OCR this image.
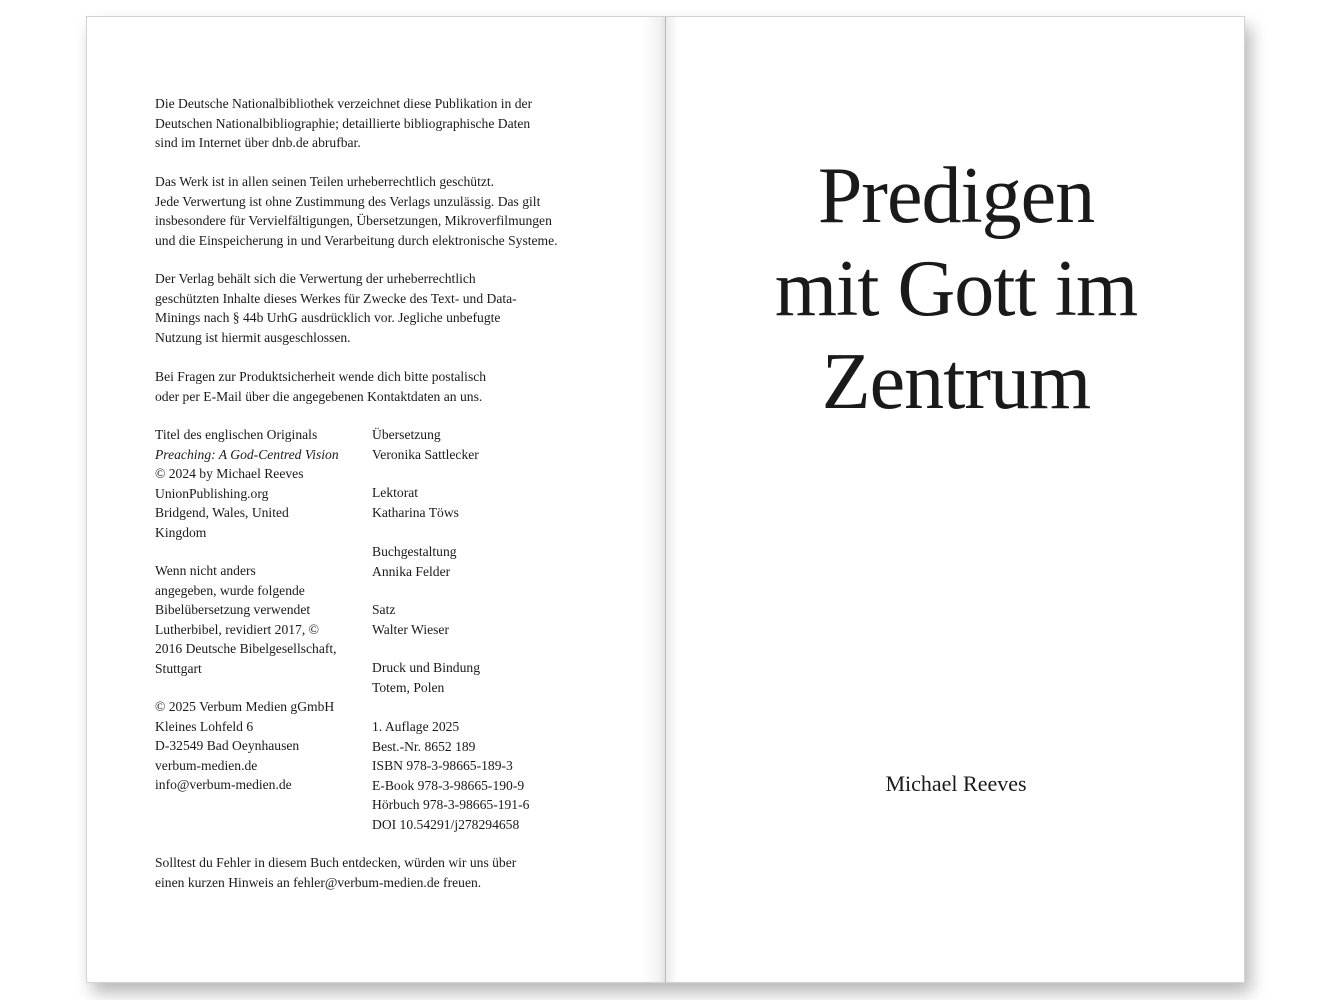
Die Deutsche Nationalbibliothek verzeichnet diese Publikation in der
Deutschen Nationalbibliographie; detaillierte bibliographische Daten
sind im Internet über dnb.de abrufbar.

Das Werk ist in allen seinen Teilen urheberrechtlich geschützt.
Jede Verwertung ist ohne Zustimmung des Verlags unzulässig. Das gilt
insbesondere für Vervielfältigungen, Übersetzungen, Mikroverfilmungen
und die Einspeicherung in und Verarbeitung durch elektronische Systeme.

Der Verlag behält sich die Verwertung der urheberrechtlich
geschützten Inhalte dieses Werkes für Zwecke des Text- und Data-
Minings nach § 44b UrhG ausdrücklich vor. Jegliche unbefugte
Nutzung ist hiermit ausgeschlossen.

Bei Fragen zur Produktsicherheit wende dich bitte postalisch
oder per E-Mail über die angegebenen Kontaktdaten an uns.

Titel des englischen Originals
Preaching: A God-Centred Vision
© 2024 by Michael Reeves
UnionPublishing.org
Bridgend, Wales, United
Kingdom

Wenn nicht anders
angegeben, wurde folgende
Bibelübersetzung verwendet
Lutherbibel, revidiert 2017, ©
2016 Deutsche Bibelgesellschaft,
Stuttgart

© 2025 Verbum Medien gGmbH
Kleines Lohfeld 6
D-32549 Bad Oeynhausen
verbum-medien.de
info@verbum-medien.de

Übersetzung
Veronika Sattlecker

Lektorat
Katharina Töws

Buchgestaltung
Annika Felder

Satz
Walter Wieser

Druck und Bindung
Totem, Polen

1. Auflage 2025
Best.-Nr. 8652 189
ISBN 978-3-98665-189-3
E-Book 978-3-98665-190-9
Hörbuch 978-3-98665-191-6
DOI 10.54291/j278294658

Solltest du Fehler in diesem Buch entdecken, würden wir uns über
einen kurzen Hinweis an fehler@verbum-medien.de freuen.

Predigen
mit Gott im
Zentrum

Michael Reeves
